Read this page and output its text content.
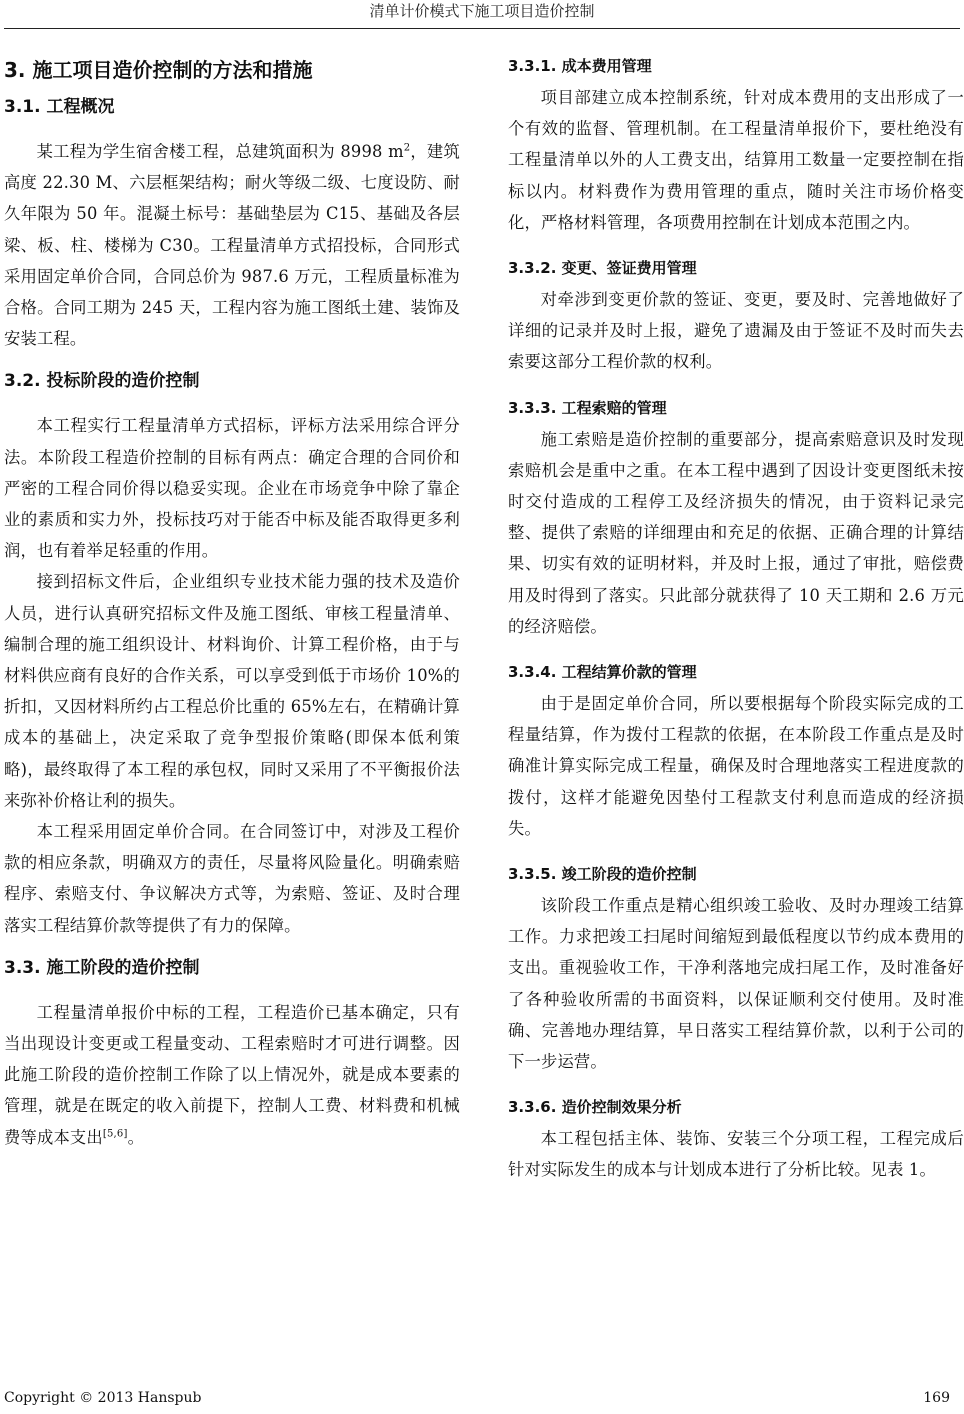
清单计价模式下施工项目造价控制
3. 施工项目造价控制的方法和措施
3.1. 工程概况
某工程为学生宿舍楼工程，总建筑面积为 8998 $m^2$，建筑高度 22.30 M、六层框架结构；耐火等级二级、七度设防、耐久年限为 50 年。混凝土标号：基础垫层为 C15、基础及各层梁、板、柱、楼梯为 C30。工程量清单方式招投标，合同形式采用固定单价合同，合同总价为 987.6 万元，工程质量标准为合格。合同工期为 245 天，工程内容为施工图纸土建、装饰及安装工程。
3.2. 投标阶段的造价控制
本工程实行工程量清单方式招标，评标方法采用综合评分法。本阶段工程造价控制的目标有两点：确定合理的合同价和严密的工程合同价得以稳妥实现。企业在市场竞争中除了靠企业的素质和实力外，投标技巧对于能否中标及能否取得更多利润，也有着举足轻重的作用。
接到招标文件后，企业组织专业技术能力强的技术及造价人员，进行认真研究招标文件及施工图纸、审核工程量清单、编制合理的施工组织设计、材料询价、计算工程价格，由于与材料供应商有良好的合作关系，可以享受到低于市场价 10%的折扣，又因材料所约占工程总价比重的 65%左右，在精确计算成本的基础上，决定采取了竞争型报价策略(即保本低利策略)，最终取得了本工程的承包权，同时又采用了不平衡报价法来弥补价格让利的损失。
本工程采用固定单价合同。在合同签订中，对涉及工程价款的相应条款，明确双方的责任，尽量将风险量化。明确索赔程序、索赔支付、争议解决方式等，为索赔、签证、及时合理落实工程结算价款等提供了有力的保障。
3.3. 施工阶段的造价控制
工程量清单报价中标的工程，工程造价已基本确定，只有当出现设计变更或工程量变动、工程索赔时才可进行调整。因此施工阶段的造价控制工作除了以上情况外，就是成本要素的管理，就是在既定的收入前提下，控制人工费、材料费和机械费等成本支出[5,6]。
3.3.1. 成本费用管理
项目部建立成本控制系统，针对成本费用的支出形成了一个有效的监督、管理机制。在工程量清单报价下，要杜绝没有工程量清单以外的人工费支出，结算用工数量一定要控制在指标以内。材料费作为费用管理的重点，随时关注市场价格变化，严格材料管理，各项费用控制在计划成本范围之内。
3.3.2. 变更、签证费用管理
对牵涉到变更价款的签证、变更，要及时、完善地做好了详细的记录并及时上报，避免了遗漏及由于签证不及时而失去索要这部分工程价款的权利。
3.3.3. 工程索赔的管理
施工索赔是造价控制的重要部分，提高索赔意识及时发现索赔机会是重中之重。在本工程中遇到了因设计变更图纸未按时交付造成的工程停工及经济损失的情况，由于资料记录完整、提供了索赔的详细理由和充足的依据、正确合理的计算结果、切实有效的证明材料，并及时上报，通过了审批，赔偿费用及时得到了落实。只此部分就获得了 10 天工期和 2.6 万元的经济赔偿。
3.3.4. 工程结算价款的管理
由于是固定单价合同，所以要根据每个阶段实际完成的工程量结算，作为拨付工程款的依据，在本阶段工作重点是及时确准计算实际完成工程量，确保及时合理地落实工程进度款的拨付，这样才能避免因垫付工程款支付利息而造成的经济损失。
3.3.5. 竣工阶段的造价控制
该阶段工作重点是精心组织竣工验收、及时办理竣工结算工作。力求把竣工扫尾时间缩短到最低程度以节约成本费用的支出。重视验收工作，干净利落地完成扫尾工作，及时准备好了各种验收所需的书面资料，以保证顺利交付使用。及时准确、完善地办理结算，早日落实工程结算价款，以利于公司的下一步运营。
3.3.6. 造价控制效果分析
本工程包括主体、装饰、安装三个分项工程，工程完成后针对实际发生的成本与计划成本进行了分析比较。见表 1。
Copyright © 2013 Hanspub	169
